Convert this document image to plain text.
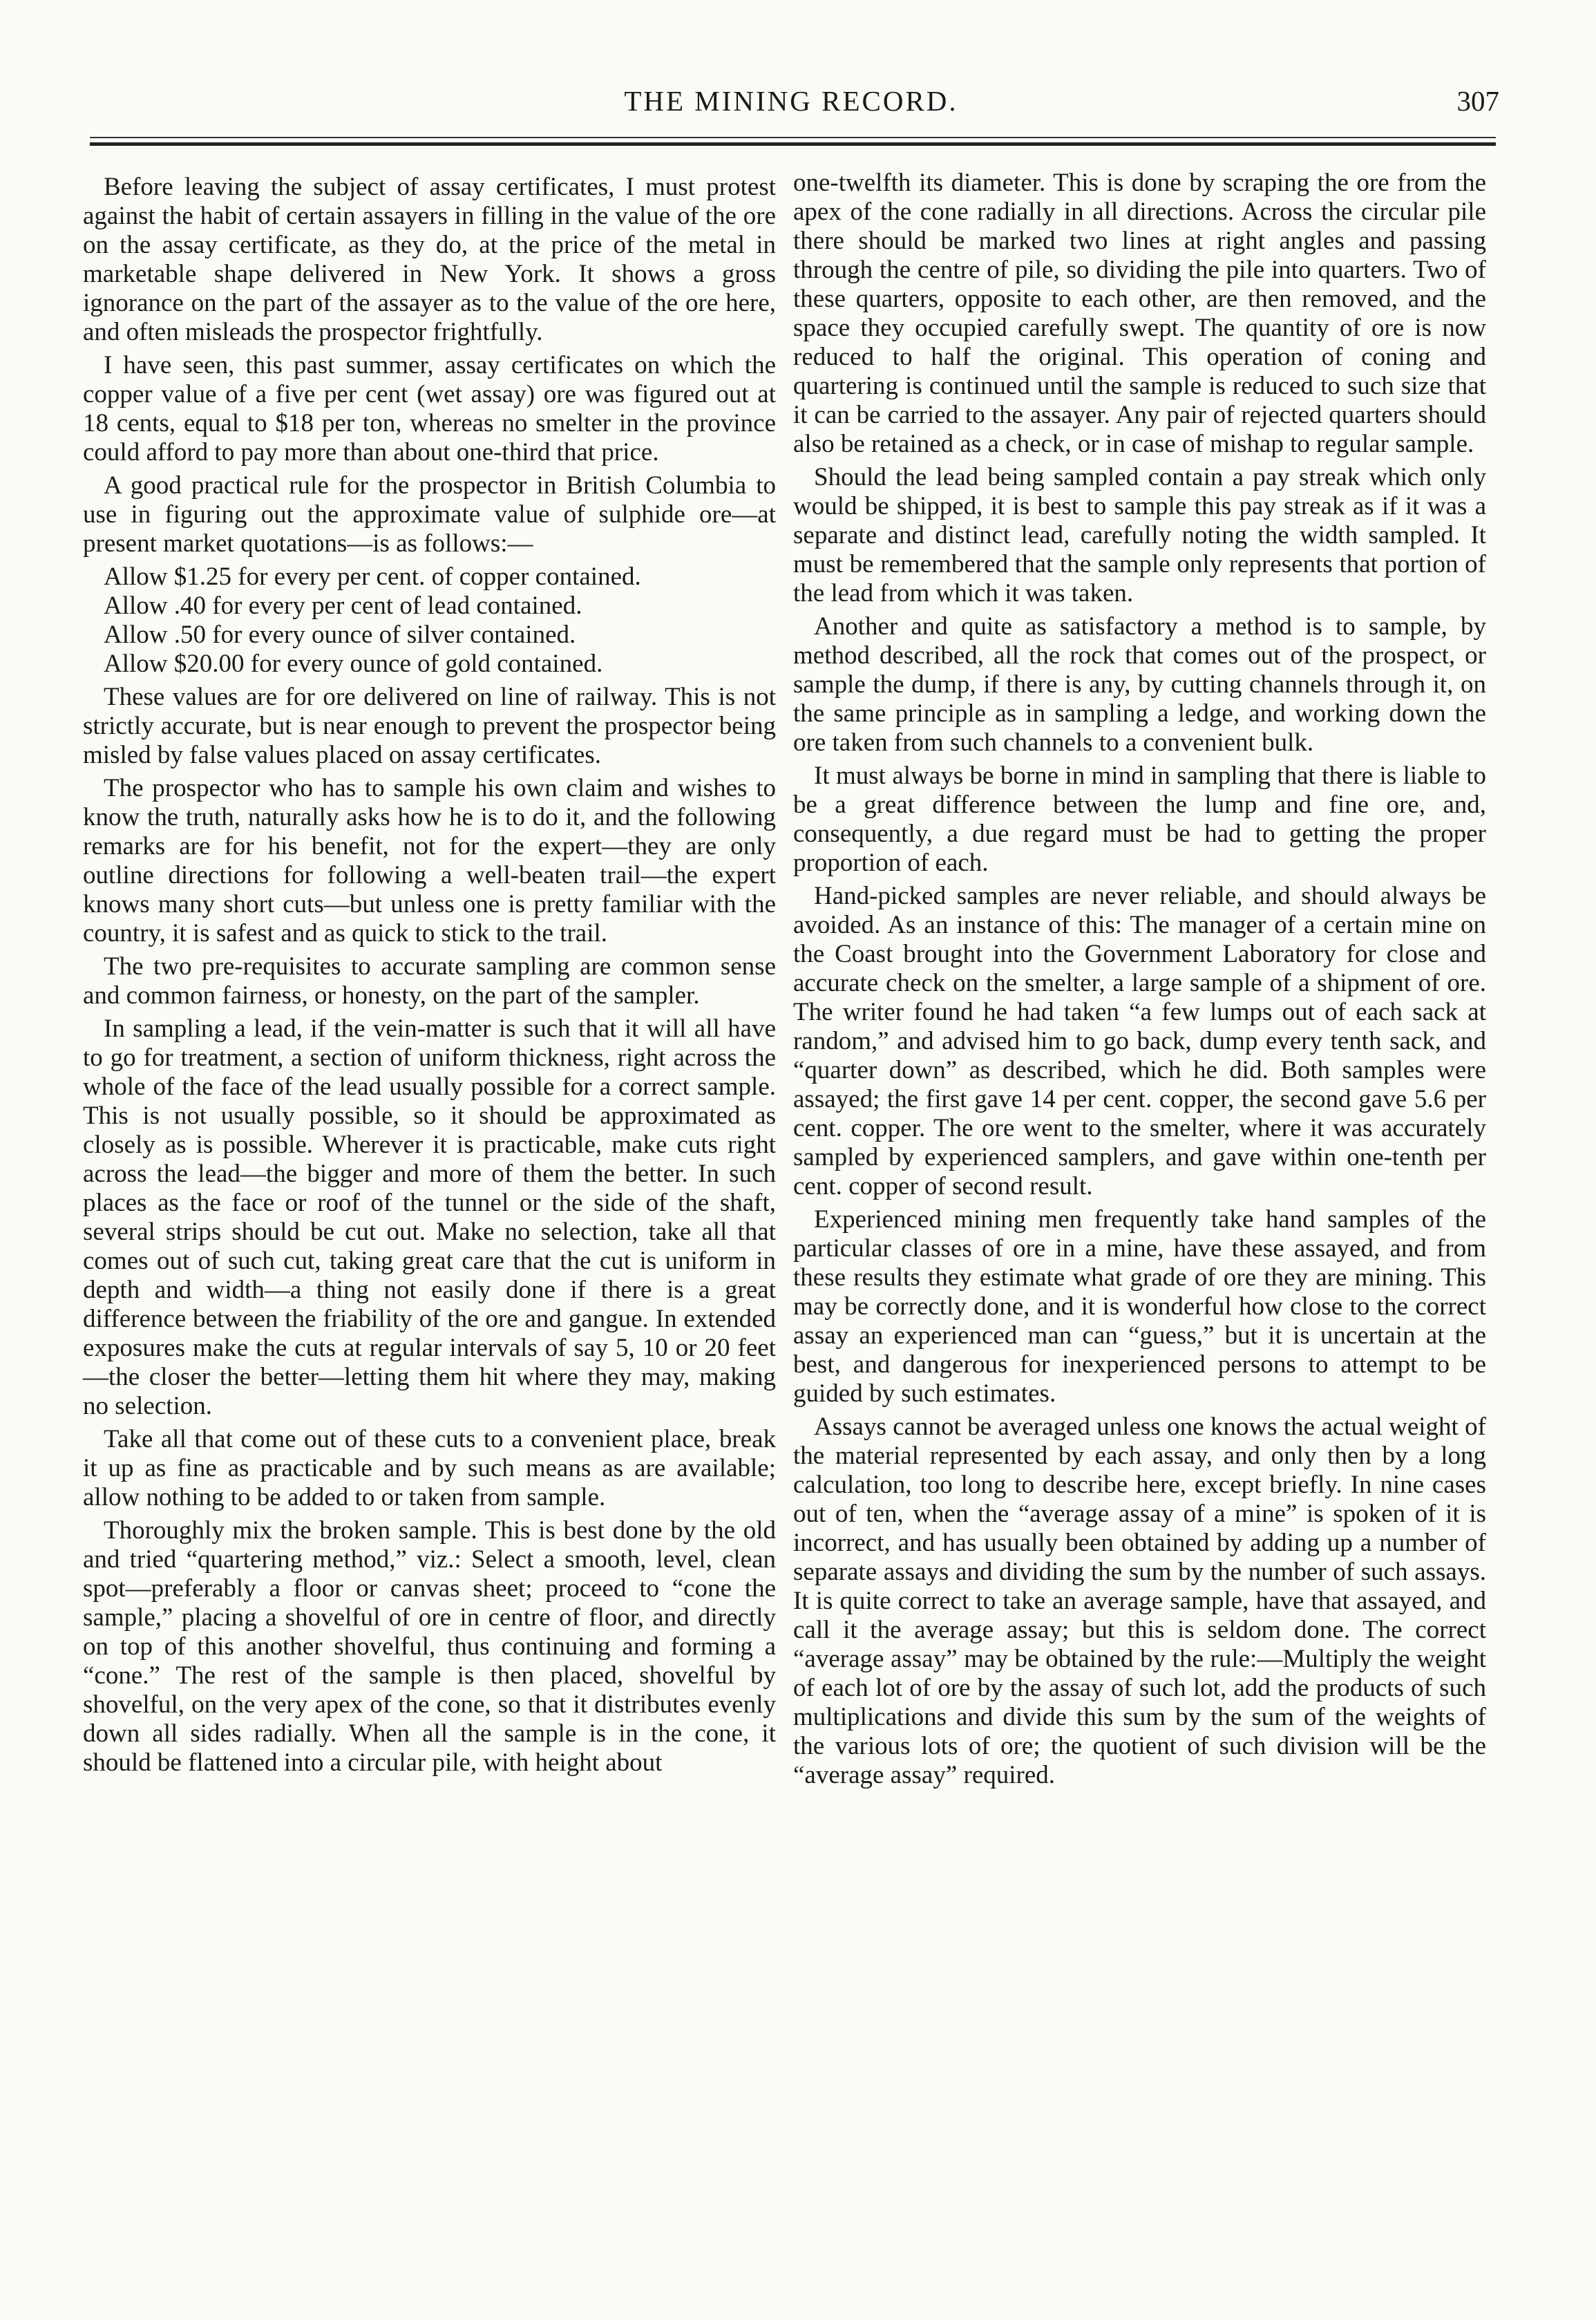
THE MINING RECORD.	307

Before leaving the subject of assay certificates, I must protest against the habit of certain assayers in filling in the value of the ore on the assay certificate, as they do, at the price of the metal in marketable shape delivered in New York. It shows a gross ignorance on the part of the assayer as to the value of the ore here, and often misleads the prospector frightfully.

I have seen, this past summer, assay certificates on which the copper value of a five per cent (wet assay) ore was figured out at 18 cents, equal to $18 per ton, whereas no smelter in the province could afford to pay more than about one-third that price.

A good practical rule for the prospector in British Columbia to use in figuring out the approximate value of sulphide ore—at present market quotations—is as follows:—

Allow $1.25 for every per cent. of copper contained.

Allow .40 for every per cent of lead contained.

Allow .50 for every ounce of silver contained.

Allow $20.00 for every ounce of gold contained.

These values are for ore delivered on line of railway. This is not strictly accurate, but is near enough to prevent the prospector being misled by false values placed on assay certificates.

The prospector who has to sample his own claim and wishes to know the truth, naturally asks how he is to do it, and the following remarks are for his benefit, not for the expert—they are only outline directions for following a well-beaten trail—the expert knows many short cuts—but unless one is pretty familiar with the country, it is safest and as quick to stick to the trail.

The two pre-requisites to accurate sampling are common sense and common fairness, or honesty, on the part of the sampler.

In sampling a lead, if the vein-matter is such that it will all have to go for treatment, a section of uniform thickness, right across the whole of the face of the lead usually possible for a correct sample. This is not usually possible, so it should be approximated as closely as is possible. Wherever it is practicable, make cuts right across the lead—the bigger and more of them the better. In such places as the face or roof of the tunnel or the side of the shaft, several strips should be cut out. Make no selection, take all that comes out of such cut, taking great care that the cut is uniform in depth and width—a thing not easily done if there is a great difference between the friability of the ore and gangue. In extended exposures make the cuts at regular intervals of say 5, 10 or 20 feet—the closer the better—letting them hit where they may, making no selection.

Take all that come out of these cuts to a convenient place, break it up as fine as practicable and by such means as are available; allow nothing to be added to or taken from sample.

Thoroughly mix the broken sample. This is best done by the old and tried “quartering method,” viz.: Select a smooth, level, clean spot—preferably a floor or canvas sheet; proceed to “cone the sample,” placing a shovelful of ore in centre of floor, and directly on top of this another shovelful, thus continuing and forming a “cone.” The rest of the sample is then placed, shovelful by shovelful, on the very apex of the cone, so that it distributes evenly down all sides radially. When all the sample is in the cone, it should be flattened into a circular pile, with height about

one-twelfth its diameter. This is done by scraping the ore from the apex of the cone radially in all directions. Across the circular pile there should be marked two lines at right angles and passing through the centre of pile, so dividing the pile into quarters. Two of these quarters, opposite to each other, are then removed, and the space they occupied carefully swept. The quantity of ore is now reduced to half the original. This operation of coning and quartering is continued until the sample is reduced to such size that it can be carried to the assayer. Any pair of rejected quarters should also be retained as a check, or in case of mishap to regular sample.

Should the lead being sampled contain a pay streak which only would be shipped, it is best to sample this pay streak as if it was a separate and distinct lead, carefully noting the width sampled. It must be remembered that the sample only represents that portion of the lead from which it was taken.

Another and quite as satisfactory a method is to sample, by method described, all the rock that comes out of the prospect, or sample the dump, if there is any, by cutting channels through it, on the same principle as in sampling a ledge, and working down the ore taken from such channels to a convenient bulk.

It must always be borne in mind in sampling that there is liable to be a great difference between the lump and fine ore, and, consequently, a due regard must be had to getting the proper proportion of each.

Hand-picked samples are never reliable, and should always be avoided. As an instance of this: The manager of a certain mine on the Coast brought into the Government Laboratory for close and accurate check on the smelter, a large sample of a shipment of ore. The writer found he had taken “a few lumps out of each sack at random,” and advised him to go back, dump every tenth sack, and “quarter down” as described, which he did. Both samples were assayed; the first gave 14 per cent. copper, the second gave 5.6 per cent. copper. The ore went to the smelter, where it was accurately sampled by experienced samplers, and gave within one-tenth per cent. copper of second result.

Experienced mining men frequently take hand samples of the particular classes of ore in a mine, have these assayed, and from these results they estimate what grade of ore they are mining. This may be correctly done, and it is wonderful how close to the correct assay an experienced man can “guess,” but it is uncertain at the best, and dangerous for inexperienced persons to attempt to be guided by such estimates.

Assays cannot be averaged unless one knows the actual weight of the material represented by each assay, and only then by a long calculation, too long to describe here, except briefly. In nine cases out of ten, when the “average assay of a mine” is spoken of it is incorrect, and has usually been obtained by adding up a number of separate assays and dividing the sum by the number of such assays. It is quite correct to take an average sample, have that assayed, and call it the average assay; but this is seldom done. The correct “average assay” may be obtained by the rule:—Multiply the weight of each lot of ore by the assay of such lot, add the products of such multiplications and divide this sum by the sum of the weights of the various lots of ore; the quotient of such division will be the “average assay” required.
